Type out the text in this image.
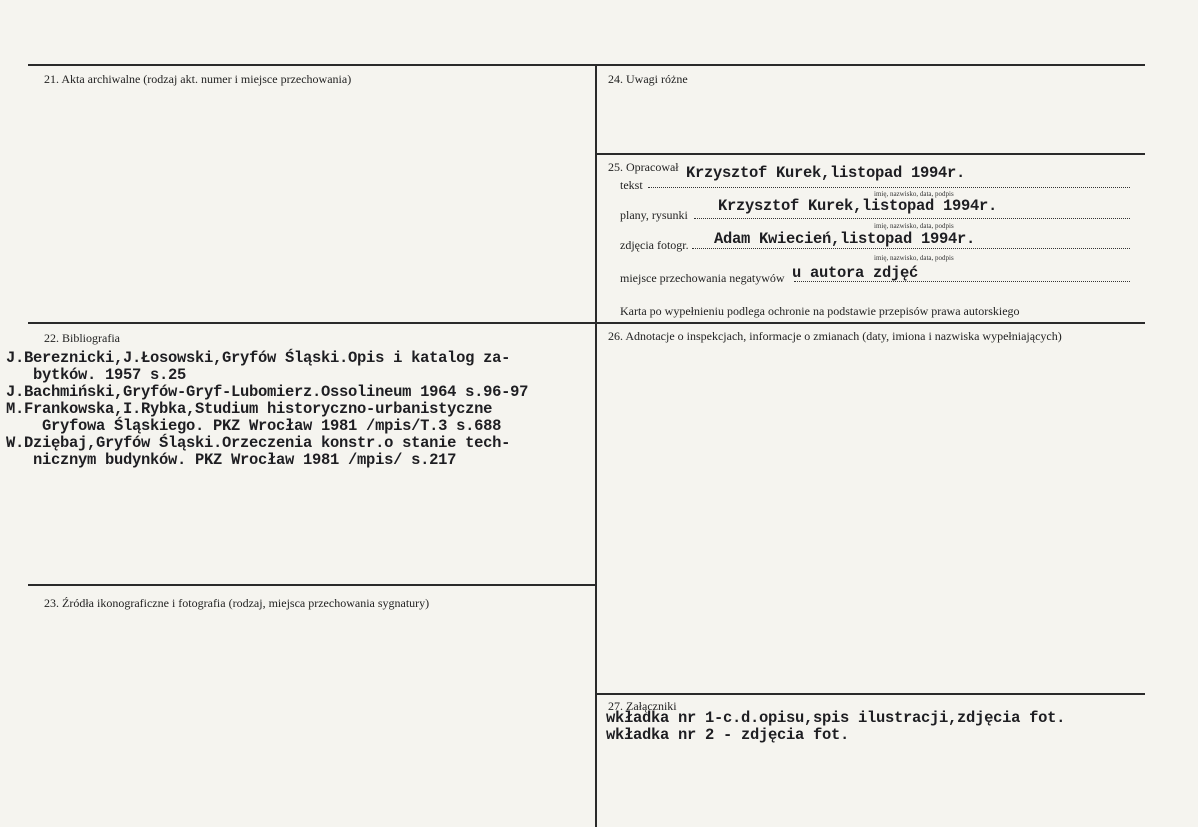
21. Akta archiwalne (rodzaj akt. numer i miejsce przechowania)
22. Bibliografia
J.Bereznicki,J.Łosowski,Gryfów Śląski.Opis i katalog za-
bytków. 1957 s.25
J.Bachmiński,Gryfów-Gryf-Lubomierz.Ossolineum 1964 s.96-97
M.Frankowska,I.Rybka,Studium historyczno-urbanistyczne
Gryfowa Śląskiego. PKZ Wrocław 1981 /mpis/T.3 s.688
W.Dziębaj,Gryfów Śląski.Orzeczenia konstr.o stanie tech-
nicznym budynków. PKZ Wrocław 1981 /mpis/ s.217
23. Źródła ikonograficzne i fotografia (rodzaj, miejsca przechowania sygnatury)
24. Uwagi różne
25. Opracował
tekst
Krzysztof Kurek,listopad 1994r.
imię, nazwisko, data, podpis
plany, rysunki Krzysztof Kurek,listopad 1994r.
imię, nazwisko, data, podpis
zdjęcia fotogr. Adam Kwiecień,listopad 1994r.
imię, nazwisko, data, podpis
miejsce przechowania negatywów u autora zdjęć
Karta po wypełnieniu podlega ochronie na podstawie przepisów prawa autorskiego
26. Adnotacje o inspekcjach, informacje o zmianach (daty, imiona i nazwiska wypełniających)
27. Załączniki
wkładka nr 1-c.d.opisu,spis ilustracji,zdjęcia fot.
wkładka nr 2 - zdjęcia fot.
